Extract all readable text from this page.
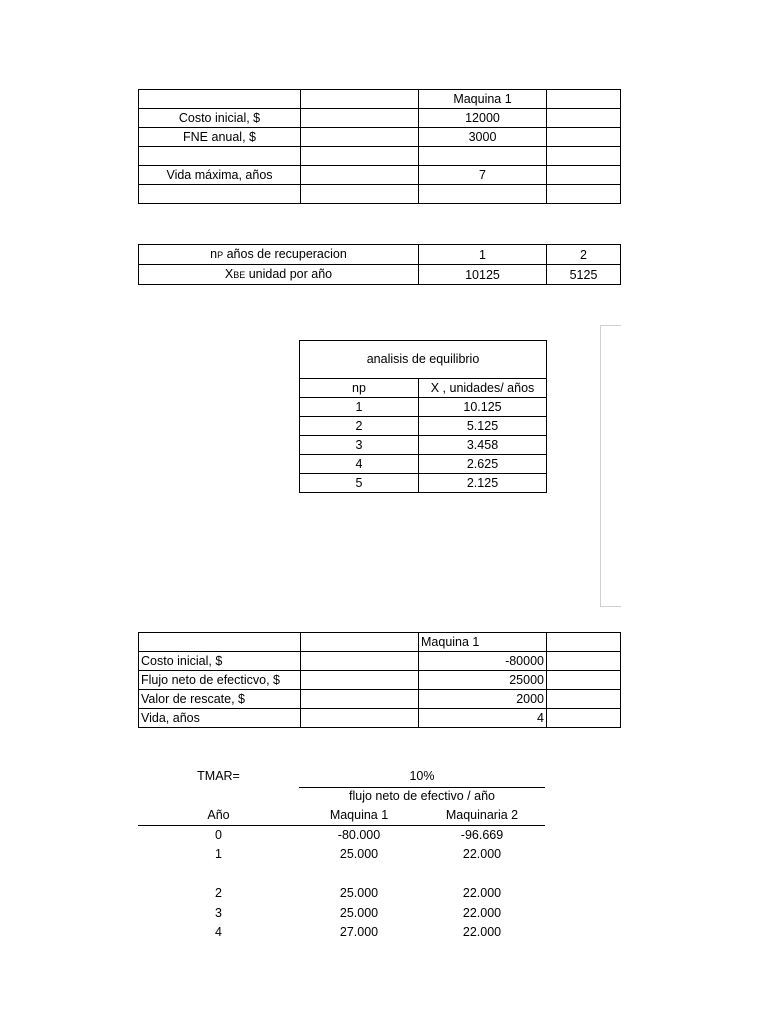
		Maquina 1	
Costo inicial, $		12000	
FNE anual, $		3000	

Vida máxima, años		7	

nP años de recuperacion	1	2
XBE unidad por año	10125	5125
analisis de equilibrio	
np	X , unidades/ años
1	10.125
2	5.125
3	3.458
4	2.625
5	2.125
		Maquina 1	
Costo inicial, $		-80000	
Flujo neto de efecticvo, $		25000	
Valor de rescate, $		2000	
Vida, años		4	
TMAR=	10%	
	flujo neto de efectivo / año	
Año	Maquina 1	Maquinaria 2
0	-80.000	-96.669
1	25.000	22.000

2	25.000	22.000
3	25.000	22.000
4	27.000	22.000
